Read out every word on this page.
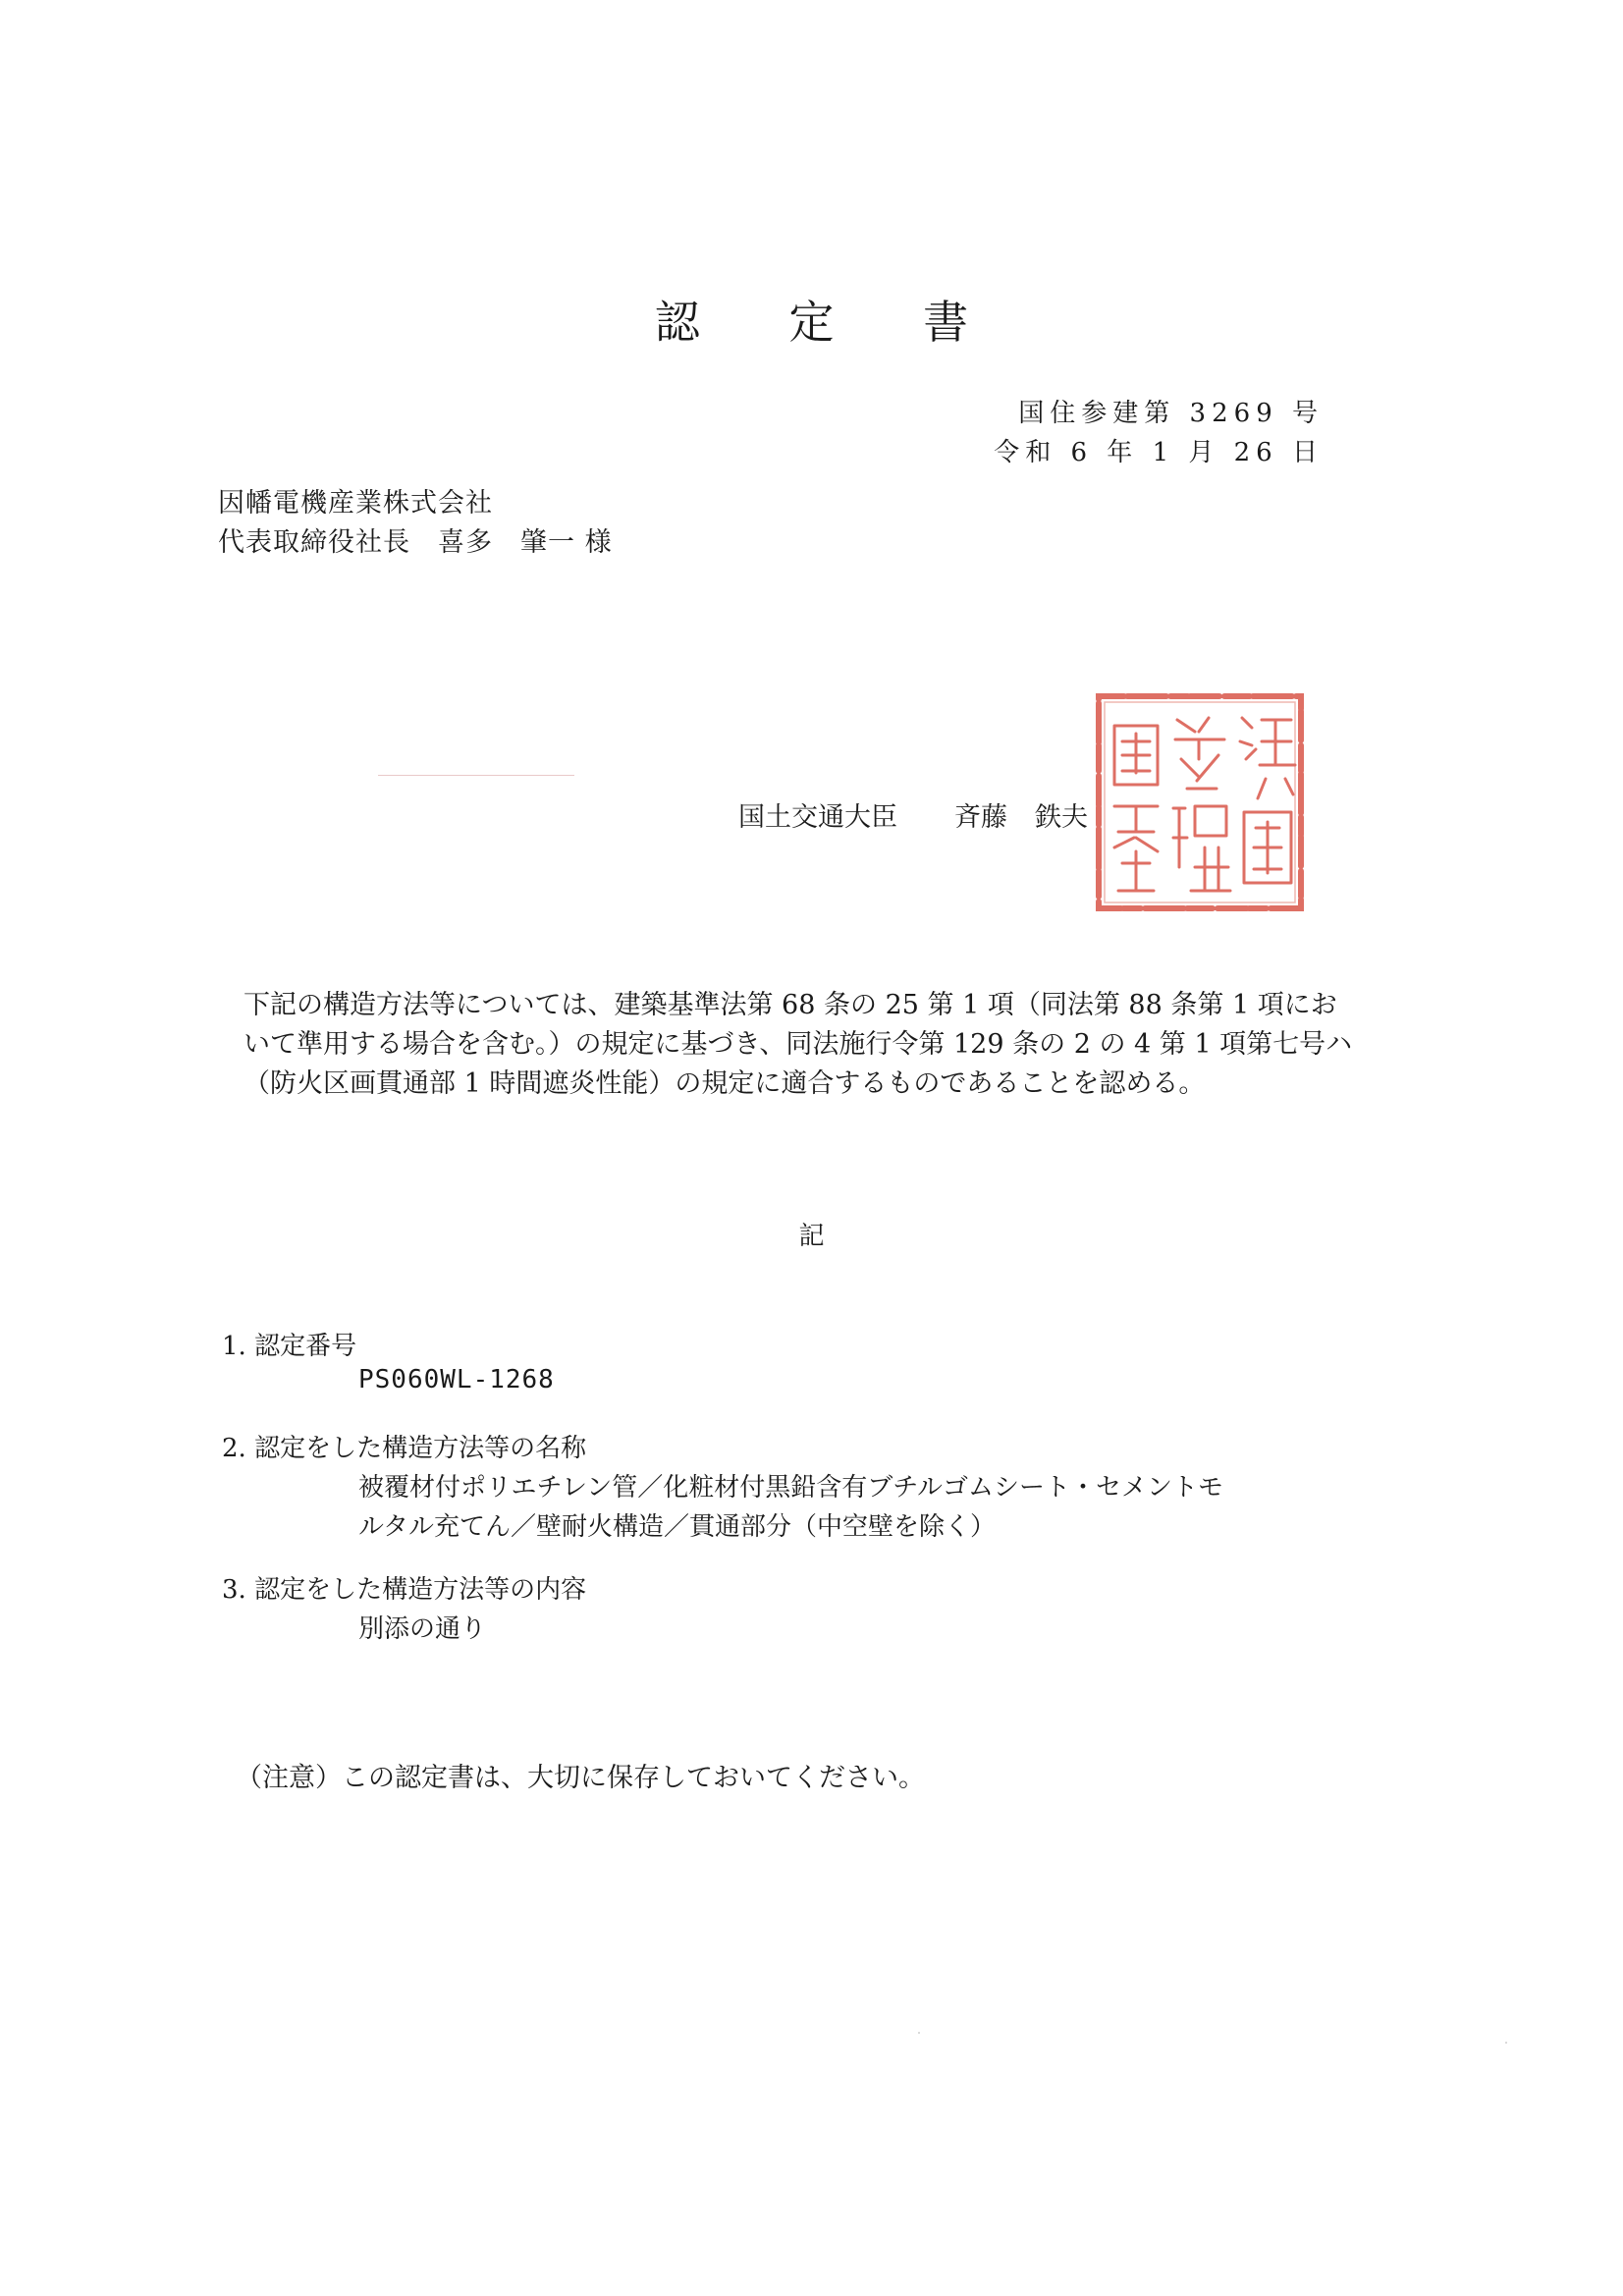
認 定 書
国住参建第 3269 号
令和 6 年 1 月 26 日
因幡電機産業株式会社
代表取締役社長　喜多　肇一 様
国土交通大臣 斉藤 鉄夫
下記の構造方法等については、建築基準法第 68 条の 25 第 1 項（同法第 88 条第 1 項にお
いて準用する場合を含む。）の規定に基づき、同法施行令第 129 条の 2 の 4 第 1 項第七号ハ
（防火区画貫通部 1 時間遮炎性能）の規定に適合するものであることを認める。
記
1. 認定番号
PS060WL-1268
2. 認定をした構造方法等の名称
被覆材付ポリエチレン管／化粧材付黒鉛含有ブチルゴムシート・セメントモ
ルタル充てん／壁耐火構造／貫通部分（中空壁を除く）
3. 認定をした構造方法等の内容
別添の通り
（注意）この認定書は、大切に保存しておいてください。
